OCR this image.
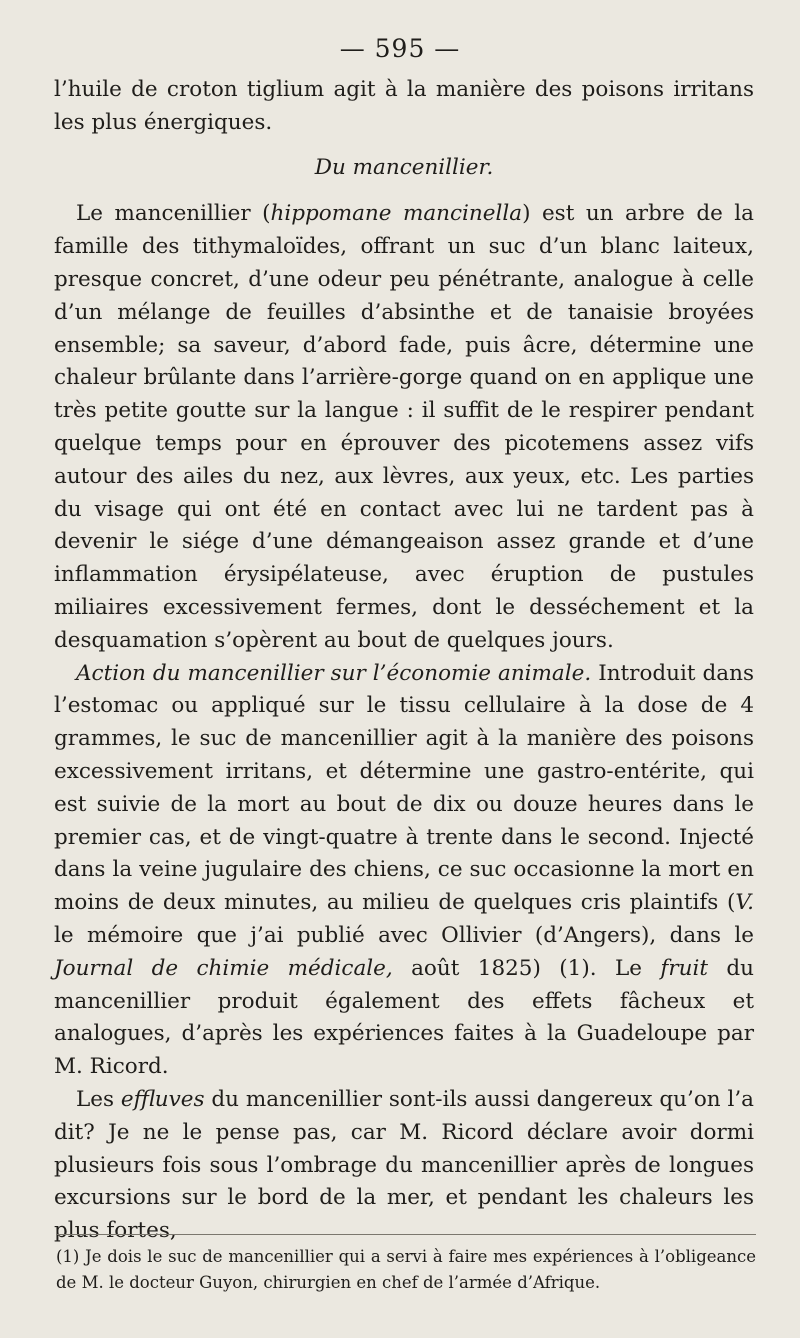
— 595 —

l’huile de croton tiglium agit à la manière des poisons irritans les plus énergiques.

Du mancenillier.

Le mancenillier (hippomane mancinella) est un arbre de la famille des tithymaloïdes, offrant un suc d’un blanc laiteux, presque concret, d’une odeur peu pénétrante, analogue à celle d’un mélange de feuilles d’absinthe et de tanaisie broyées ensemble; sa saveur, d’abord fade, puis âcre, détermine une chaleur brûlante dans l’arrière-gorge quand on en applique une très petite goutte sur la langue : il suffit de le respirer pendant quelque temps pour en éprouver des picotemens assez vifs autour des ailes du nez, aux lèvres, aux yeux, etc. Les parties du visage qui ont été en contact avec lui ne tardent pas à devenir le siége d’une démangeaison assez grande et d’une inflammation érysipélateuse, avec éruption de pustules miliaires excessivement fermes, dont le desséchement et la desquamation s’opèrent au bout de quelques jours.

Action du mancenillier sur l’économie animale. Introduit dans l’estomac ou appliqué sur le tissu cellulaire à la dose de 4 grammes, le suc de mancenillier agit à la manière des poisons excessivement irritans, et détermine une gastro-entérite, qui est suivie de la mort au bout de dix ou douze heures dans le premier cas, et de vingt-quatre à trente dans le second. Injecté dans la veine jugulaire des chiens, ce suc occasionne la mort en moins de deux minutes, au milieu de quelques cris plaintifs (V. le mémoire que j’ai publié avec Ollivier (d’Angers), dans le Journal de chimie médicale, août 1825) (1). Le fruit du mancenillier produit également des effets fâcheux et analogues, d’après les expériences faites à la Guadeloupe par M. Ricord.

Les effluves du mancenillier sont-ils aussi dangereux qu’on l’a dit? Je ne le pense pas, car M. Ricord déclare avoir dormi plusieurs fois sous l’ombrage du mancenillier après de longues excursions sur le bord de la mer, et pendant les chaleurs les plus fortes,

(1) Je dois le suc de mancenillier qui a servi à faire mes expériences à l’obligeance de M. le docteur Guyon, chirurgien en chef de l’armée d’Afrique.
